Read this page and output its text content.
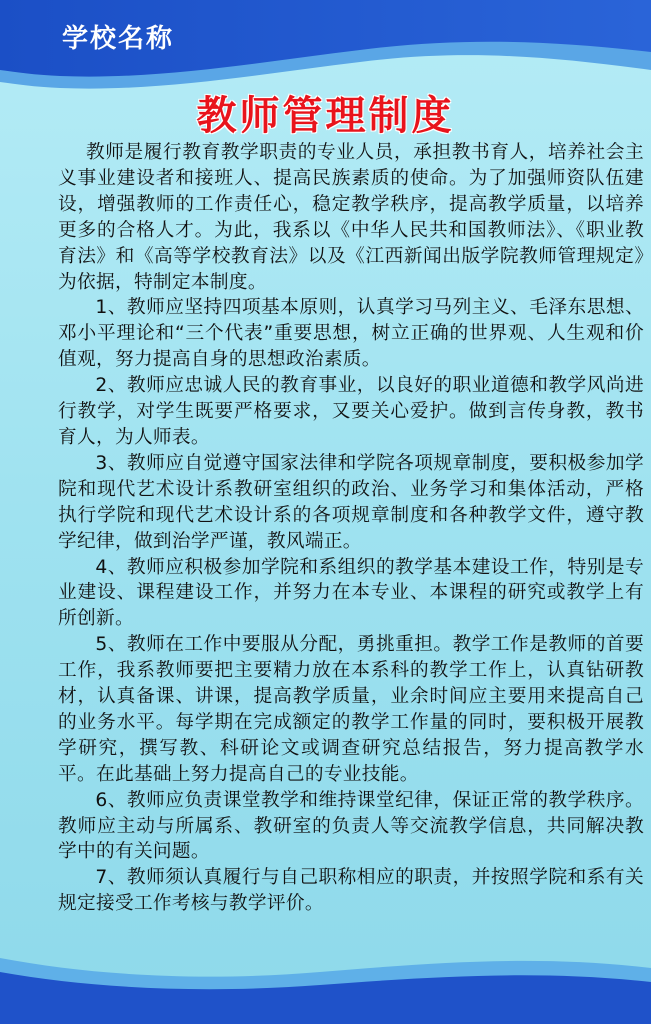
学校名称
教师管理制度

教师是履行教育教学职责的专业人员，承担教书育人，培养社会主义事业建设者和接班人、提高民族素质的使命。为了加强师资队伍建设，增强教师的工作责任心，稳定教学秩序，提高教学质量，以培养更多的合格人才。为此，我系以《中华人民共和国教师法》、《职业教育法》和《高等学校教育法》以及《江西新闻出版学院教师管理规定》为依据，特制定本制度。

1、教师应坚持四项基本原则，认真学习马列主义、毛泽东思想、邓小平理论和“三个代表”重要思想，树立正确的世界观、人生观和价值观，努力提高自身的思想政治素质。

2、教师应忠诚人民的教育事业，以良好的职业道德和教学风尚进行教学，对学生既要严格要求，又要关心爱护。做到言传身教，教书育人，为人师表。

3、教师应自觉遵守国家法律和学院各项规章制度，要积极参加学院和现代艺术设计系教研室组织的政治、业务学习和集体活动，严格执行学院和现代艺术设计系的各项规章制度和各种教学文件，遵守教学纪律，做到治学严谨，教风端正。

4、教师应积极参加学院和系组织的教学基本建设工作，特别是专业建设、课程建设工作，并努力在本专业、本课程的研究或教学上有所创新。

5、教师在工作中要服从分配，勇挑重担。教学工作是教师的首要工作，我系教师要把主要精力放在本系科的教学工作上，认真钻研教材，认真备课、讲课，提高教学质量，业余时间应主要用来提高自己的业务水平。每学期在完成额定的教学工作量的同时，要积极开展教学研究，撰写教、科研论文或调查研究总结报告，努力提高教学水平。在此基础上努力提高自己的专业技能。

6、教师应负责课堂教学和维持课堂纪律，保证正常的教学秩序。教师应主动与所属系、教研室的负责人等交流教学信息，共同解决教学中的有关问题。

7、教师须认真履行与自己职称相应的职责，并按照学院和系有关规定接受工作考核与教学评价。
